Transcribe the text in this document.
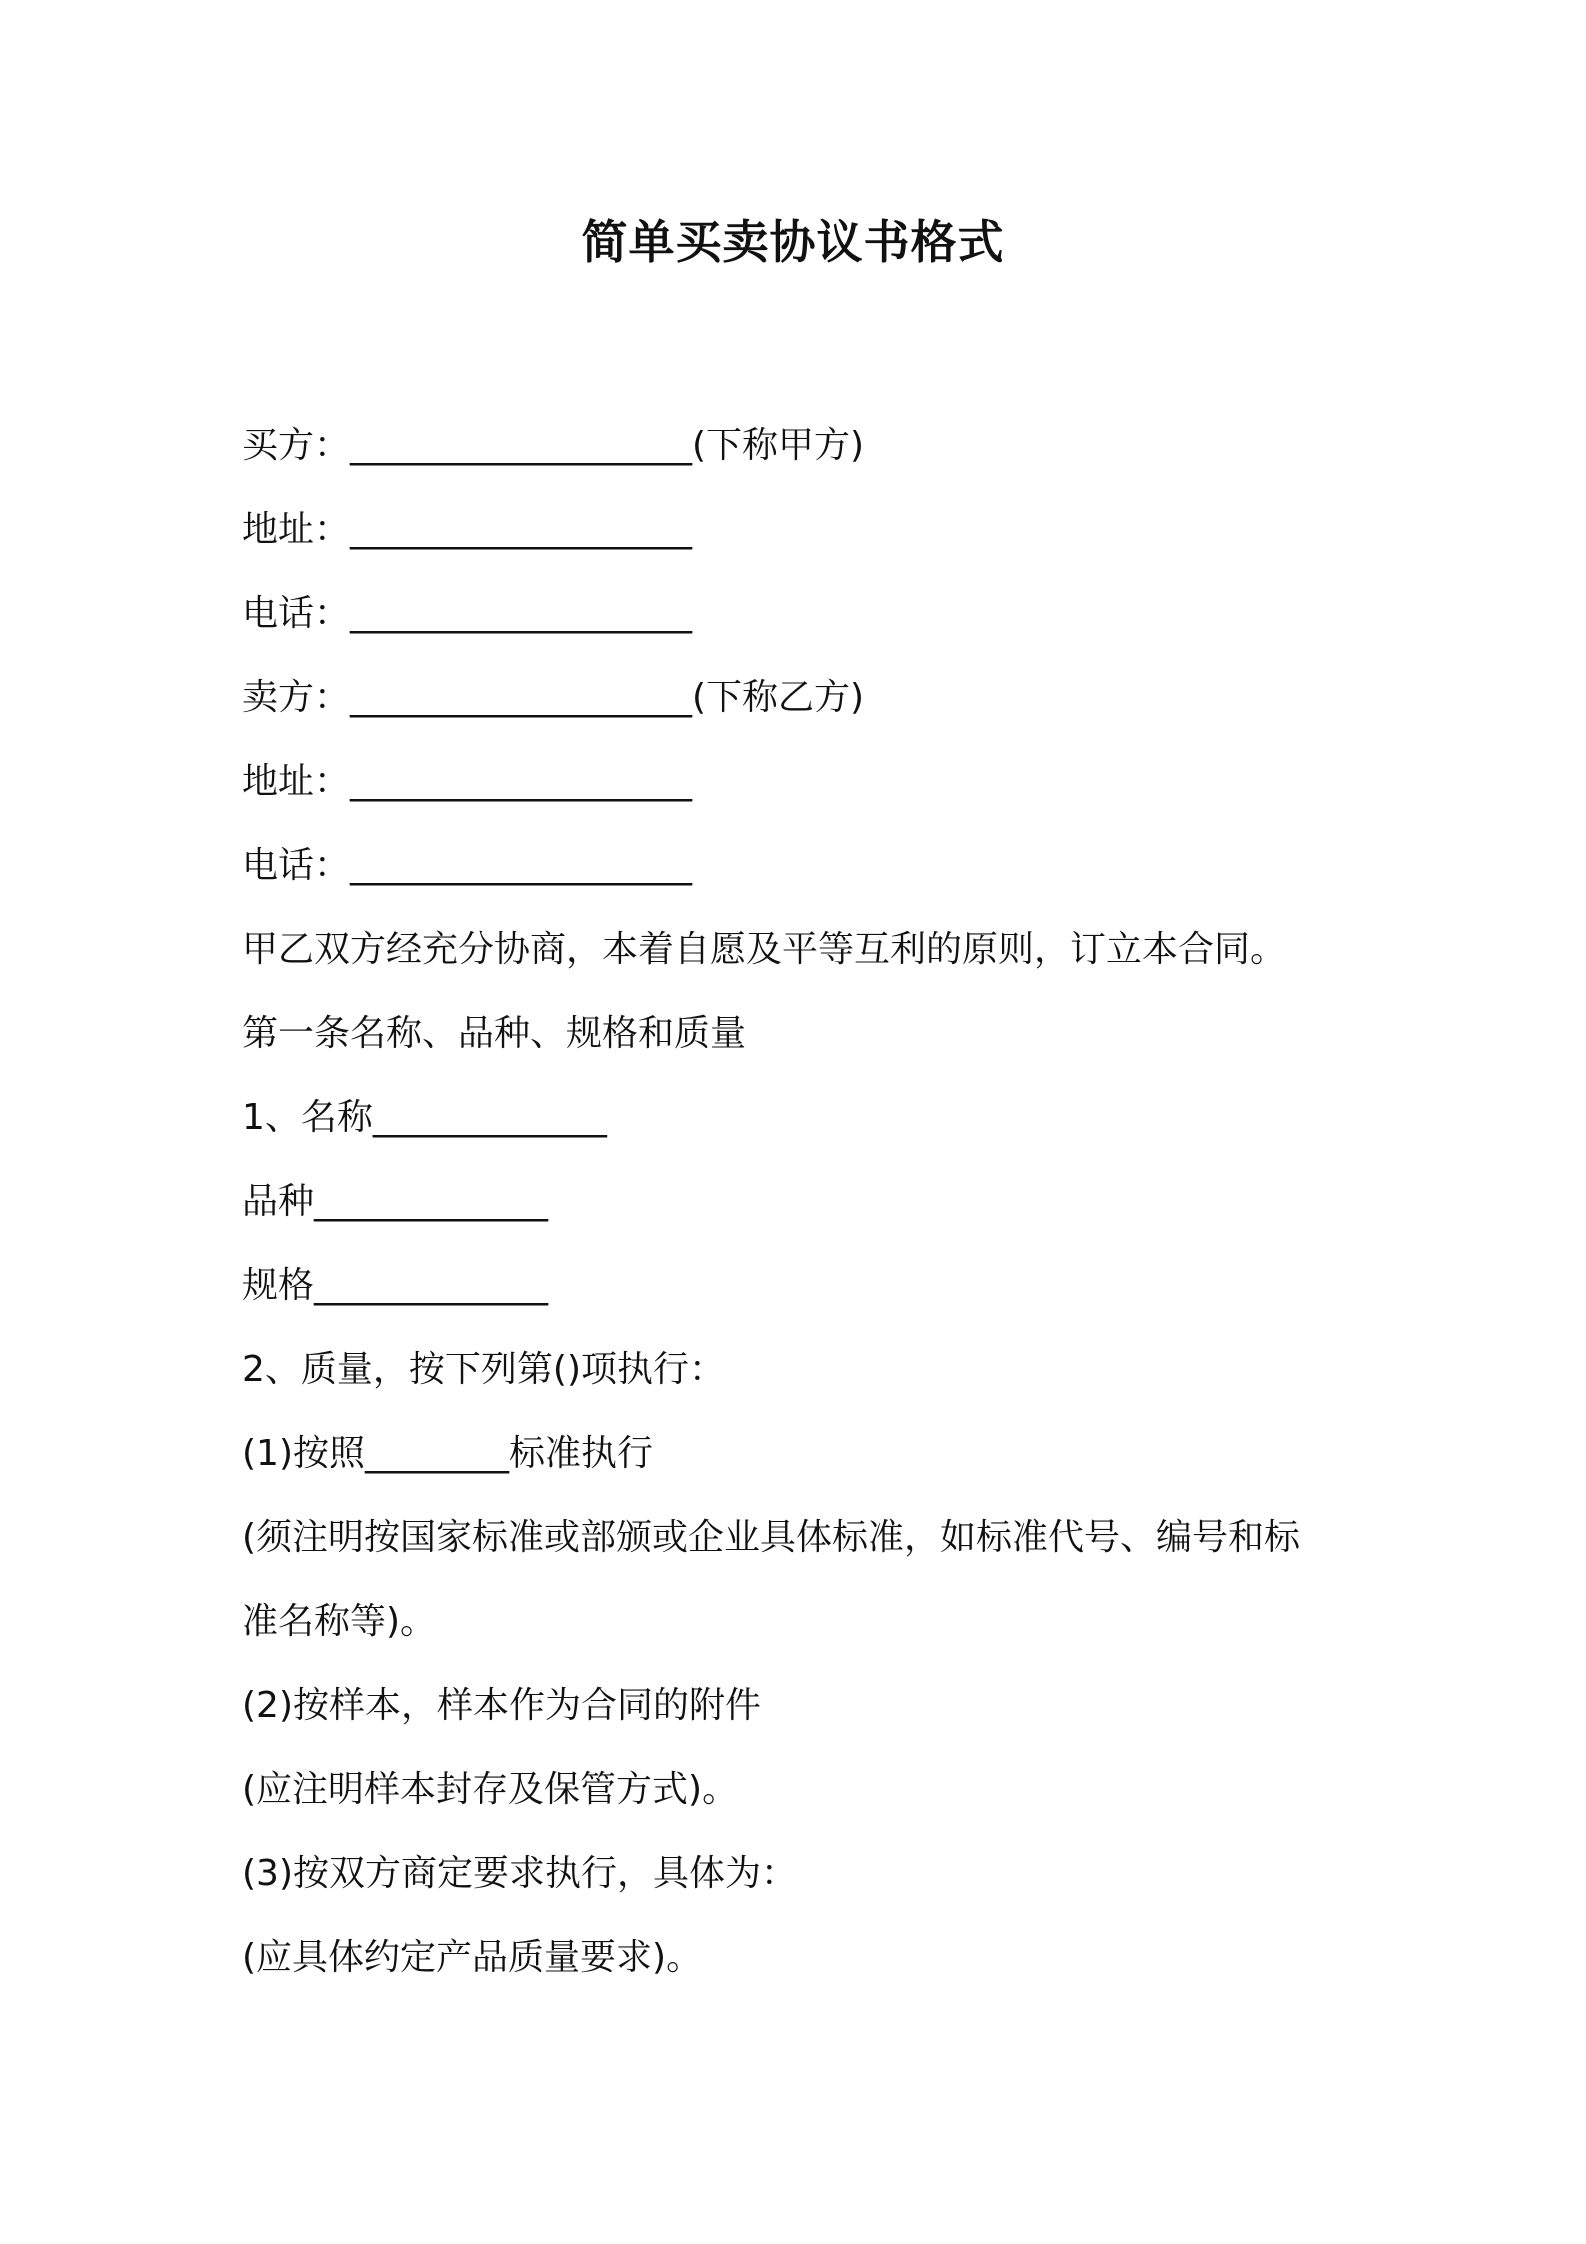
简单买卖协议书格式
买方：___________________(下称甲方)
地址：___________________
电话：___________________
卖方：___________________(下称乙方)
地址：___________________
电话：___________________
甲乙双方经充分协商，本着自愿及平等互利的原则，订立本合同。
第一条名称、品种、规格和质量
1、名称_____________
品种_____________
规格_____________
2、质量，按下列第()项执行：
(1)按照________标准执行
(须注明按国家标准或部颁或企业具体标准，如标准代号、编号和标
准名称等)。
(2)按样本，样本作为合同的附件
(应注明样本封存及保管方式)。
(3)按双方商定要求执行，具体为：
(应具体约定产品质量要求)。
